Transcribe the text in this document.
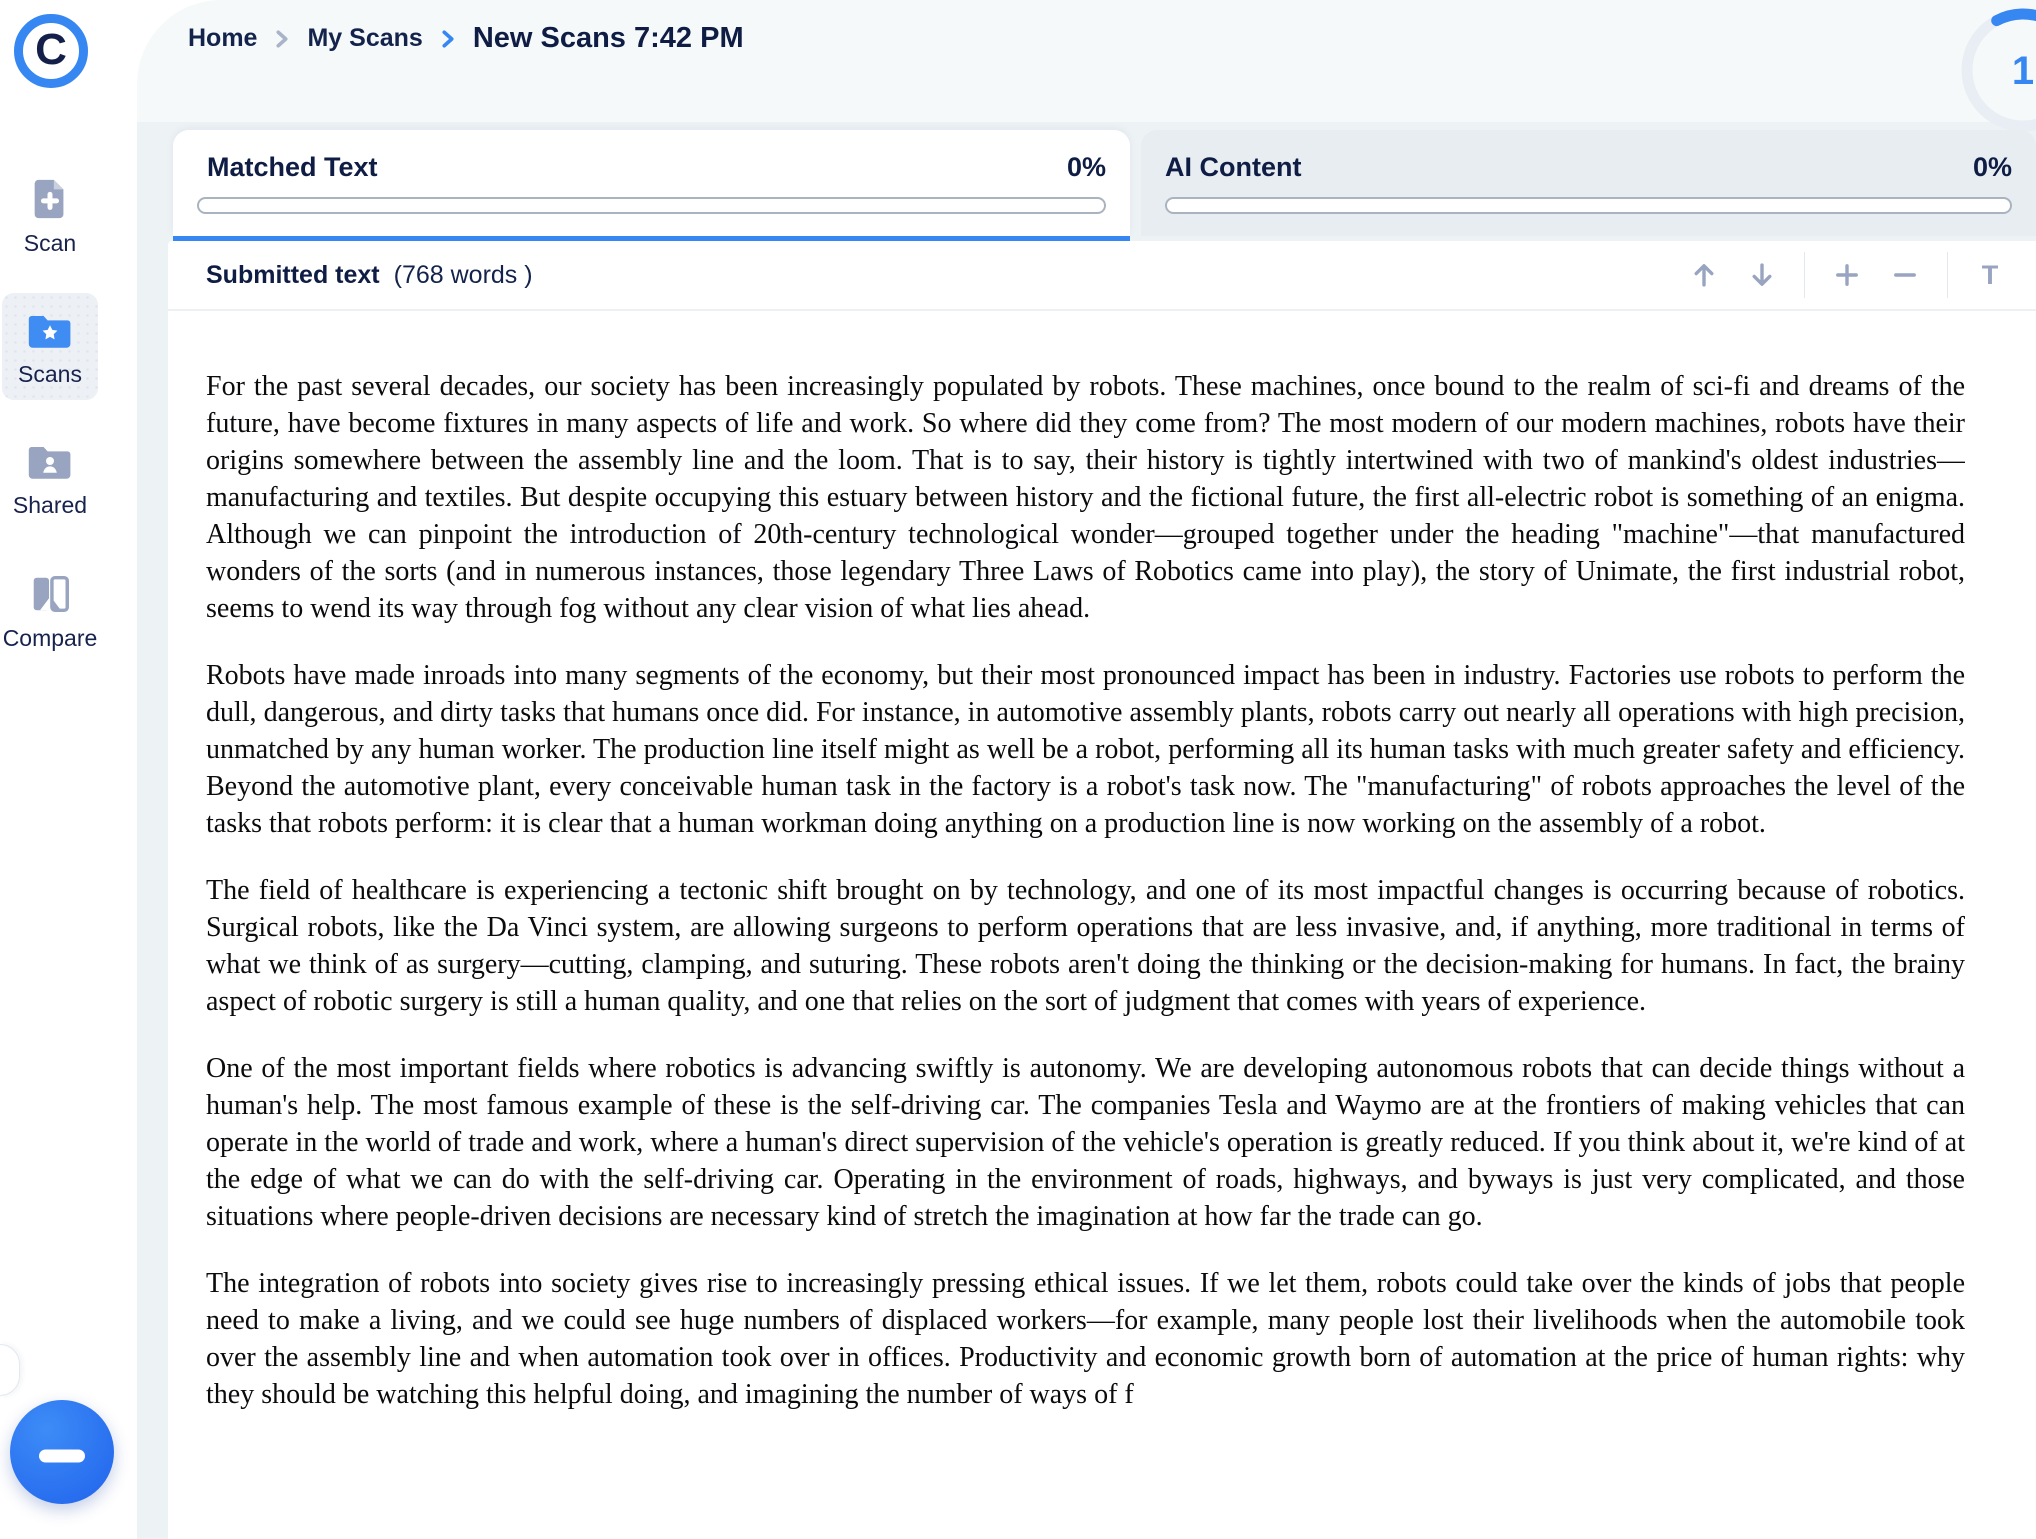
Home My Scans New Scans 7:42 PM
1
Matched Text	0% AI Content	0%
Submitted text (768 words )	T

For the past several decades, our society has been increasingly populated by robots. These machines, once bound to the realm of sci-fi and dreams of the future, have become fixtures in many aspects of life and work. So where did they come from? The most modern of our modern machines, robots have their origins somewhere between the assembly line and the loom. That is to say, their history is tightly intertwined with two of mankind's oldest industries—manufacturing and textiles. But despite occupying this estuary between history and the fictional future, the first all-electric robot is something of an enigma. Although we can pinpoint the introduction of 20th-century technological wonder—grouped together under the heading "machine"—that manufactured wonders of the sorts (and in numerous instances, those legendary Three Laws of Robotics came into play), the story of Unimate, the first industrial robot, seems to wend its way through fog without any clear vision of what lies ahead.

Robots have made inroads into many segments of the economy, but their most pronounced impact has been in industry. Factories use robots to perform the dull, dangerous, and dirty tasks that humans once did. For instance, in automotive assembly plants, robots carry out nearly all operations with high precision, unmatched by any human worker. The production line itself might as well be a robot, performing all its human tasks with much greater safety and efficiency. Beyond the automotive plant, every conceivable human task in the factory is a robot's task now. The "manufacturing" of robots approaches the level of the tasks that robots perform: it is clear that a human workman doing anything on a production line is now working on the assembly of a robot.

The field of healthcare is experiencing a tectonic shift brought on by technology, and one of its most impactful changes is occurring because of robotics. Surgical robots, like the Da Vinci system, are allowing surgeons to perform operations that are less invasive, and, if anything, more traditional in terms of what we think of as surgery—cutting, clamping, and suturing. These robots aren't doing the thinking or the decision-making for humans. In fact, the brainy aspect of robotic surgery is still a human quality, and one that relies on the sort of judgment that comes with years of experience.

One of the most important fields where robotics is advancing swiftly is autonomy. We are developing autonomous robots that can decide things without a human's help. The most famous example of these is the self-driving car. The companies Tesla and Waymo are at the frontiers of making vehicles that can operate in the world of trade and work, where a human's direct supervision of the vehicle's operation is greatly reduced. If you think about it, we're kind of at the edge of what we can do with the self-driving car. Operating in the environment of roads, highways, and byways is just very complicated, and those situations where people-driven decisions are necessary kind of stretch the imagination at how far the trade can go.

The integration of robots into society gives rise to increasingly pressing ethical issues. If we let them, robots could take over the kinds of jobs that people need to make a living, and we could see huge numbers of displaced workers—for example, many people lost their livelihoods when the automobile took over the assembly line and when automation took over in offices. Productivity and economic growth born of automation at the price of human rights: why they should be watching this helpful doing, and imagining the number of ways of f

C
Scan
Scans
Shared
Compare
